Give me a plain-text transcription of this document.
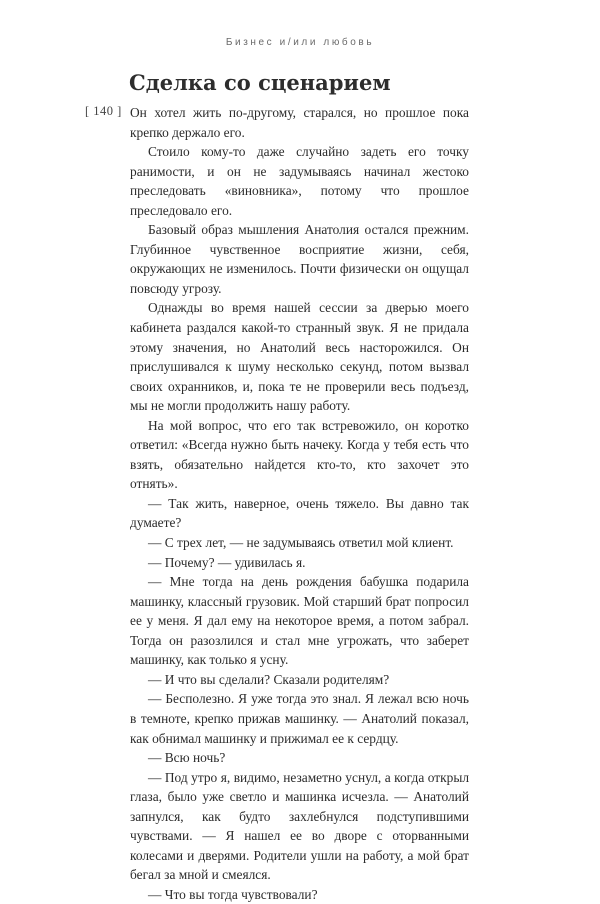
Бизнес и/или любовь
Сделка со сценарием
[ 140 ] Он хотел жить по-другому, старался, но прошлое пока крепко держало его.

Стоило кому-то даже случайно задеть его точку ранимости, и он не задумываясь начинал жестоко преследовать «виновника», потому что прошлое преследовало его.

Базовый образ мышления Анатолия остался прежним. Глубинное чувственное восприятие жизни, себя, окружающих не изменилось. Почти физически он ощущал повсюду угрозу.

Однажды во время нашей сессии за дверью моего кабинета раздался какой-то странный звук. Я не придала этому значения, но Анатолий весь насторожился. Он прислушивался к шуму несколько секунд, потом вызвал своих охранников, и, пока те не проверили весь подъезд, мы не могли продолжить нашу работу.

На мой вопрос, что его так встревожило, он коротко ответил: «Всегда нужно быть начеку. Когда у тебя есть что взять, обязательно найдется кто-то, кто захочет это отнять».

— Так жить, наверное, очень тяжело. Вы давно так думаете?

— С трех лет, — не задумываясь ответил мой клиент.

— Почему? — удивилась я.

— Мне тогда на день рождения бабушка подарила машинку, классный грузовик. Мой старший брат попросил ее у меня. Я дал ему на некоторое время, а потом забрал. Тогда он разозлился и стал мне угрожать, что заберет машинку, как только я усну.

— И что вы сделали? Сказали родителям?

— Бесполезно. Я уже тогда это знал. Я лежал всю ночь в темноте, крепко прижав машинку. — Анатолий показал, как обнимал машинку и прижимал ее к сердцу.

— Всю ночь?

— Под утро я, видимо, незаметно уснул, а когда открыл глаза, было уже светло и машинка исчезла. — Анатолий запнулся, как будто захлебнулся подступившими чувствами. — Я нашел ее во дворе с оторванными колесами и дверями. Родители ушли на работу, а мой брат бегал за мной и смеялся.

— Что вы тогда чувствовали?
